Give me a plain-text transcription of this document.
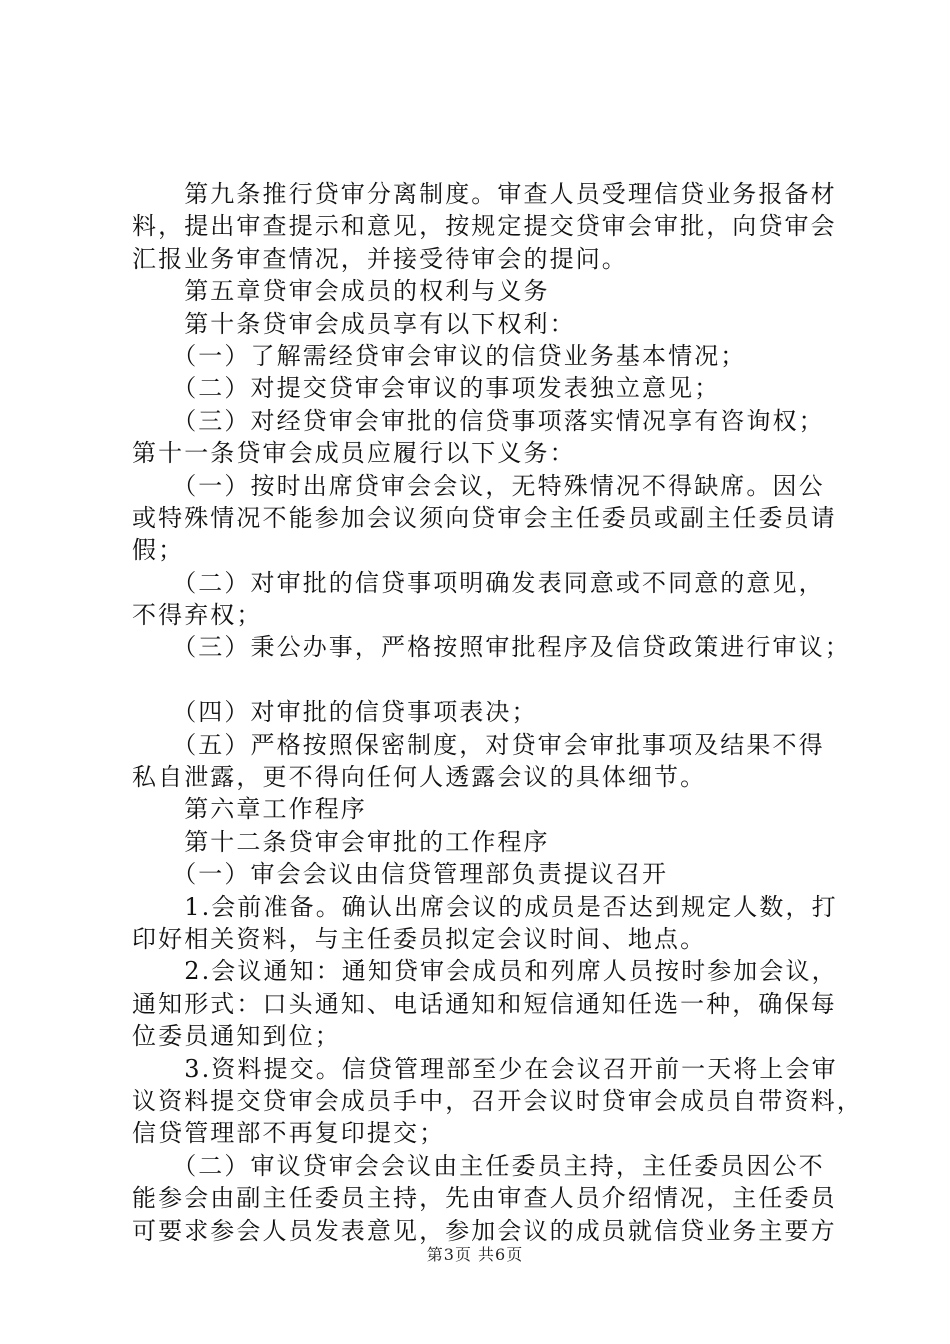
　　第九条推行贷审分离制度。审查人员受理信贷业务报备材
料，提出审查提示和意见，按规定提交贷审会审批，向贷审会
汇报业务审查情况，并接受待审会的提问。
　　第五章贷审会成员的权利与义务
　　第十条贷审会成员享有以下权利：
　　（一）了解需经贷审会审议的信贷业务基本情况；
　　（二）对提交贷审会审议的事项发表独立意见；
　　（三）对经贷审会审批的信贷事项落实情况享有咨询权；
第十一条贷审会成员应履行以下义务：
　　（一）按时出席贷审会会议，无特殊情况不得缺席。因公
或特殊情况不能参加会议须向贷审会主任委员或副主任委员请
假；
　　（二）对审批的信贷事项明确发表同意或不同意的意见，
不得弃权；
　　（三）秉公办事，严格按照审批程序及信贷政策进行审议；
　　（四）对审批的信贷事项表决；
　　（五）严格按照保密制度，对贷审会审批事项及结果不得
私自泄露，更不得向任何人透露会议的具体细节。
　　第六章工作程序
　　第十二条贷审会审批的工作程序
　　（一）审会会议由信贷管理部负责提议召开
　　1.会前准备。确认出席会议的成员是否达到规定人数，打
印好相关资料，与主任委员拟定会议时间、地点。
　　2.会议通知：通知贷审会成员和列席人员按时参加会议，
通知形式：口头通知、电话通知和短信通知任选一种，确保每
位委员通知到位；
　　3.资料提交。信贷管理部至少在会议召开前一天将上会审
议资料提交贷审会成员手中，召开会议时贷审会成员自带资料，
信贷管理部不再复印提交；
　　（二）审议贷审会会议由主任委员主持，主任委员因公不
能参会由副主任委员主持，先由审查人员介绍情况，主任委员
可要求参会人员发表意见，参加会议的成员就信贷业务主要方
第3页 共6页
